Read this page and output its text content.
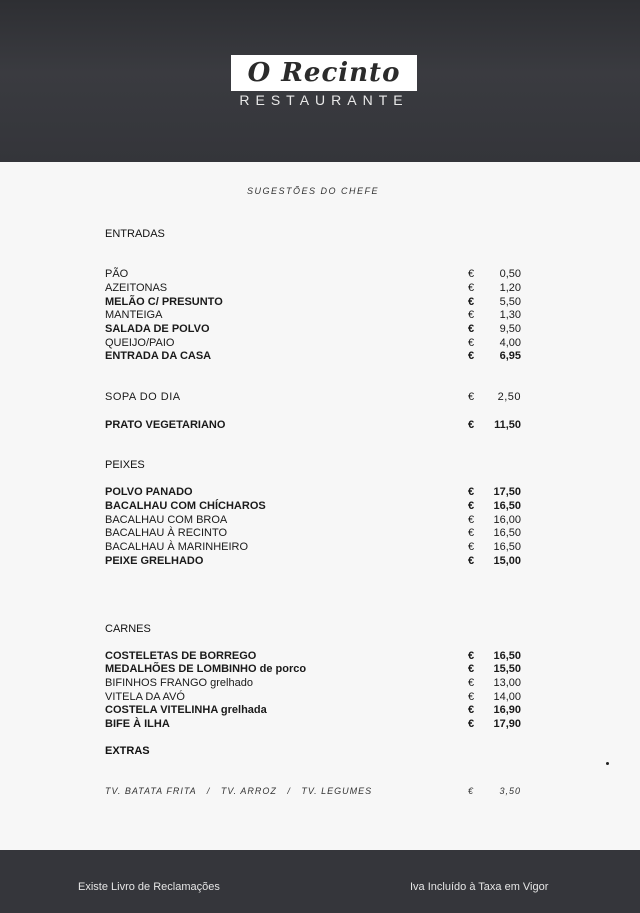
O Recinto
RESTAURANTE
SUGESTÕES DO CHEFE
ENTRADAS
PÃO	€ 0,50
AZEITONAS	€ 1,20
MELÃO C/ PRESUNTO	€ 5,50
MANTEIGA	€ 1,30
SALADA DE POLVO	€ 9,50
QUEIJO/PAIO	€ 4,00
ENTRADA DA CASA	€ 6,95
SOPA DO DIA	€ 2,50
PRATO VEGETARIANO	€ 11,50
PEIXES
POLVO PANADO	€ 17,50
BACALHAU COM CHÍCHAROS	€ 16,50
BACALHAU COM BROA	€ 16,00
BACALHAU À RECINTO	€ 16,50
BACALHAU À MARINHEIRO	€ 16,50
PEIXE GRELHADO	€ 15,00
CARNES
COSTELETAS DE BORREGO	€ 16,50
MEDALHÕES DE LOMBINHO de porco	€ 15,50
BIFINHOS FRANGO grelhado	€ 13,00
VITELA DA AVÓ	€ 14,00
COSTELA VITELINHA grelhada	€ 16,90
BIFE À ILHA	€ 17,90
EXTRAS
TV. BATATA FRITA   /   TV. ARROZ   /   TV. LEGUMES	€	3,50
Existe Livro de Reclamações	Iva Incluído à Taxa em Vigor
